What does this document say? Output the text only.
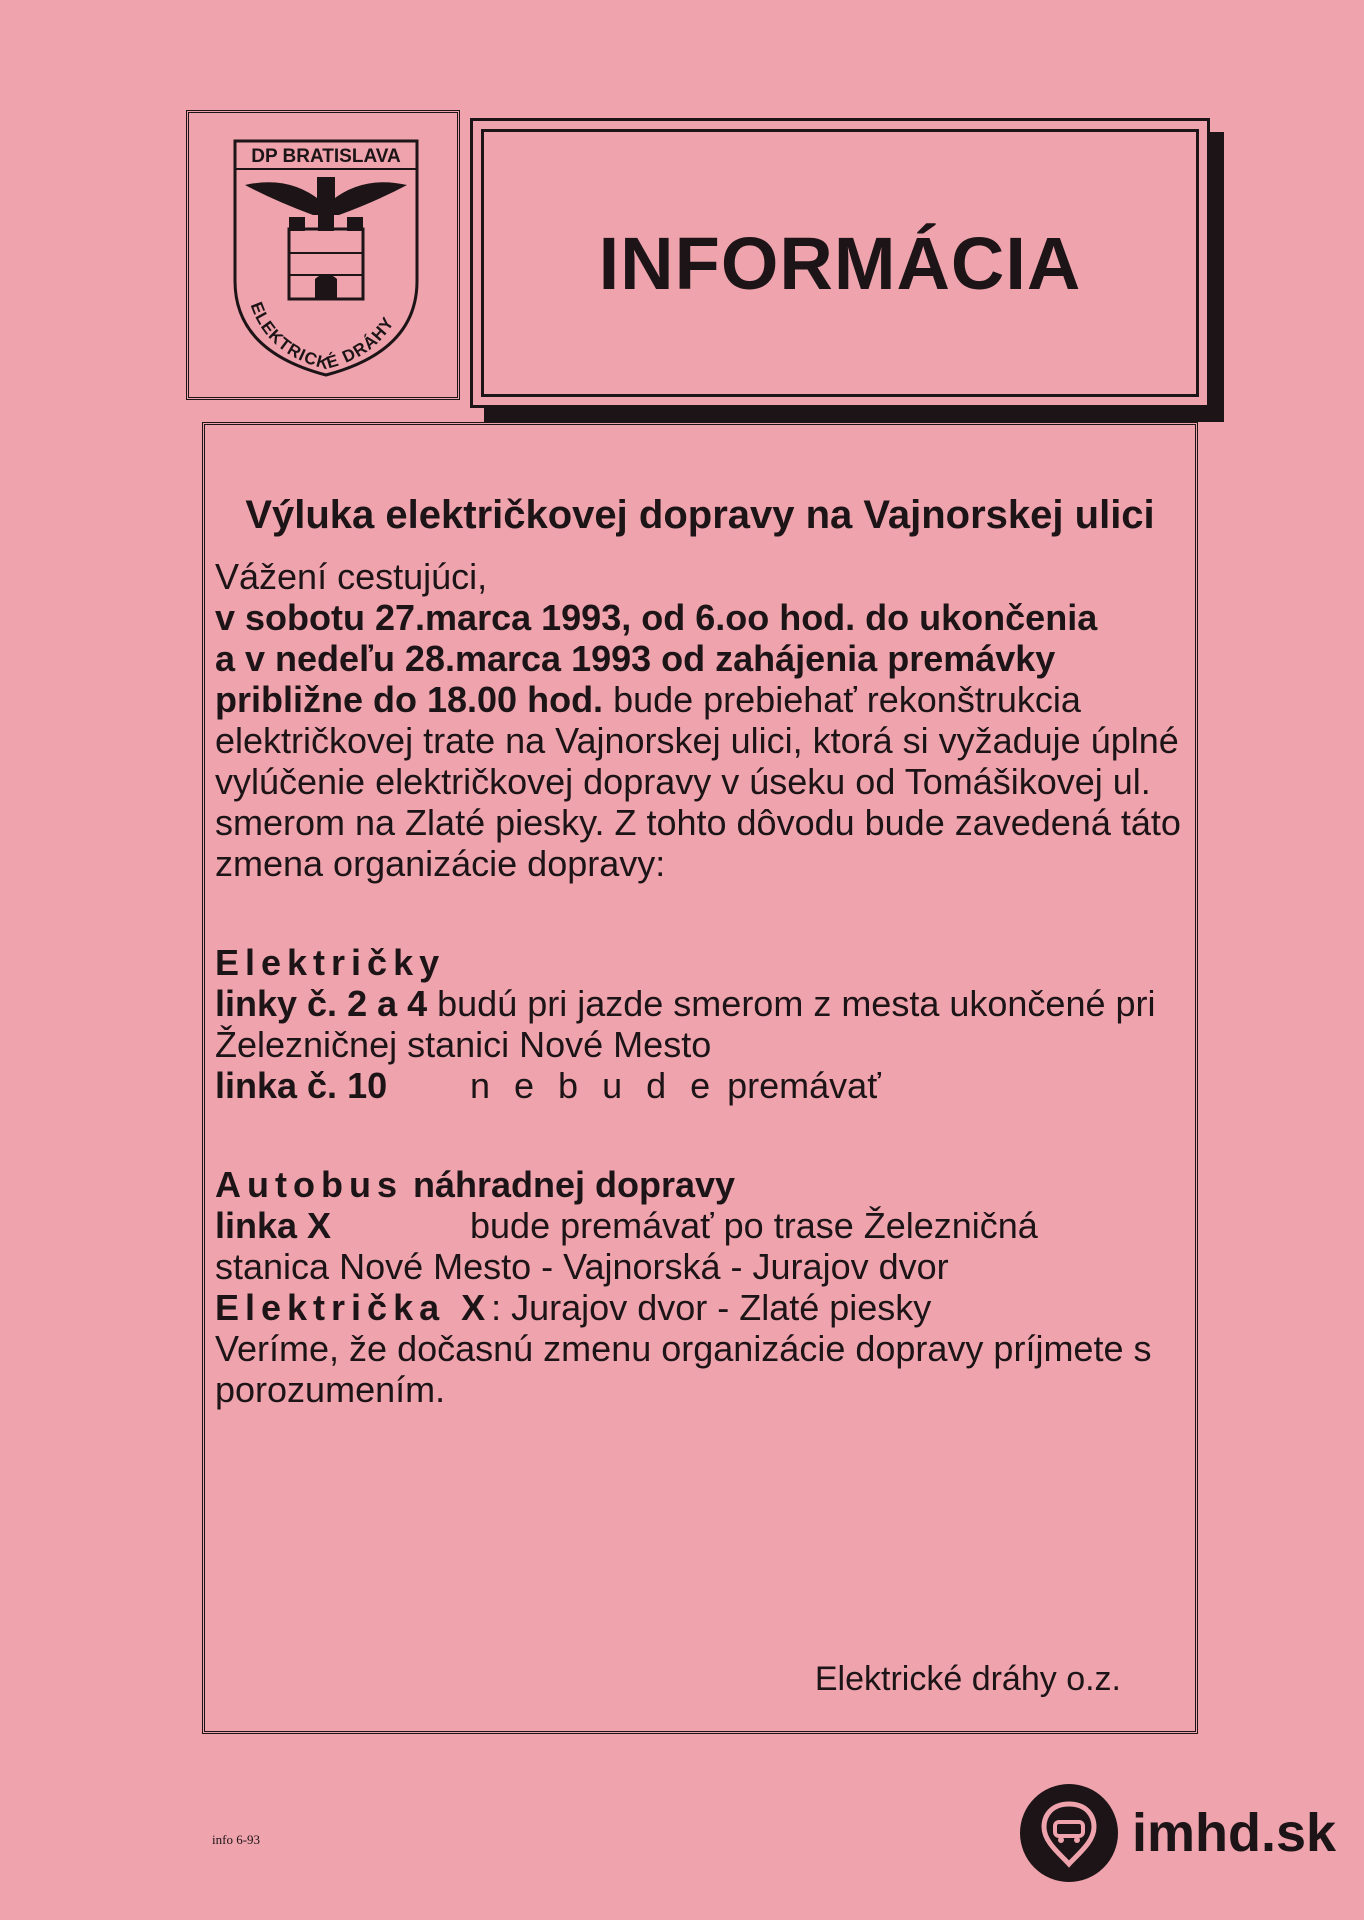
DP BRATISLAVA
ELEKTRICKÉ DRÁHY
INFORMÁCIA
Výluka električkovej dopravy na Vajnorskej ulici
Vážení cestujúci,
v sobotu 27.marca 1993, od 6.oo hod. do ukončenia
a v nedeľu 28.marca 1993 od zahájenia premávky
približne do 18.00 hod. bude prebiehať rekonštrukcia električkovej trate na Vajnorskej ulici, ktorá si vyžaduje úplné vylúčenie električkovej dopravy v úseku od Tomášikovej ul. smerom na Zlaté piesky. Z tohto dôvodu bude zavedená táto zmena organizácie dopravy:
Električky
linky č. 2 a 4 budú pri jazde smerom z mesta ukončené pri Železničnej stanici Nové Mesto
linka č. 10	n e b u d e premávať
Autobus náhradnej dopravy
linka X	bude premávať po trase Železničná
stanica Nové Mesto - Vajnorská - Jurajov dvor
Električka X: Jurajov dvor - Zlaté piesky
Veríme, že dočasnú zmenu organizácie dopravy príjmete s porozumením.
Elektrické dráhy o.z.
info 6-93	imhd.sk
